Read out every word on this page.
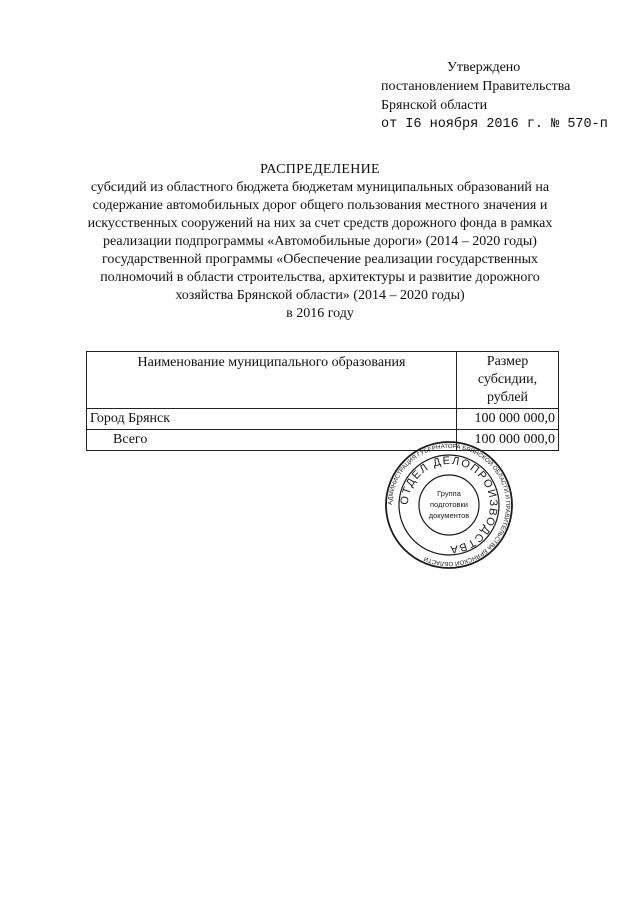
Утверждено
постановлением Правительства
Брянской области
от I6 ноября 2016 г. № 570-п
РАСПРЕДЕЛЕНИЕ
субсидий из областного бюджета бюджетам муниципальных образований на содержание автомобильных дорог общего пользования местного значения и искусственных сооружений на них за счет средств дорожного фонда в рамках реализации подпрограммы «Автомобильные дороги» (2014 – 2020 годы) государственной программы «Обеспечение реализации государственных полномочий в области строительства, архитектуры и развитие дорожного хозяйства Брянской области» (2014 – 2020 годы)
в 2016 году
Наименование муниципального образования	Размер субсидии, рублей
Город Брянск	100 000 000,0
Всего	100 000 000,0
АДМИНИСТРАЦИЯ ГУБЕРНАТОРА БРЯНСКОЙ ОБЛАСТИ И ПРАВИТЕЛЬСТВА БРЯНСКОЙ ОБЛАСТИ
ОТДЕЛ ДЕЛОПРОИЗВОДСТВА
Группа
подготовки
документов
